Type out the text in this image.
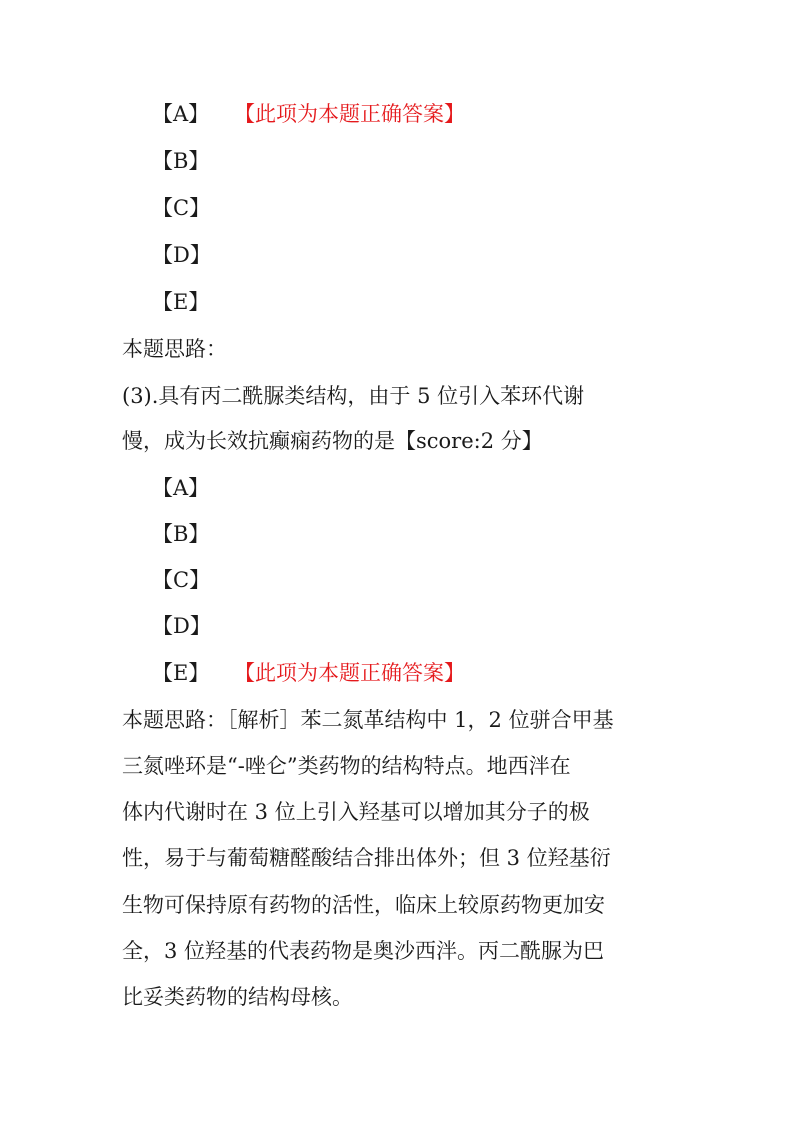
【A】 【此项为本题正确答案】
【B】
【C】
【D】
【E】
本题思路：
(3).具有丙二酰脲类结构，由于 5 位引入苯环代谢
慢，成为长效抗癫痫药物的是【score:2 分】
【A】
【B】
【C】
【D】
【E】 【此项为本题正确答案】
本题思路：［解析］苯二氮革结构中 1，2 位骈合甲基
三氮唑环是“-唑仑”类药物的结构特点。地西泮在
体内代谢时在 3 位上引入羟基可以增加其分子的极
性，易于与葡萄糖醛酸结合排出体外；但 3 位羟基衍
生物可保持原有药物的活性，临床上较原药物更加安
全，3 位羟基的代表药物是奥沙西泮。丙二酰脲为巴
比妥类药物的结构母核。
